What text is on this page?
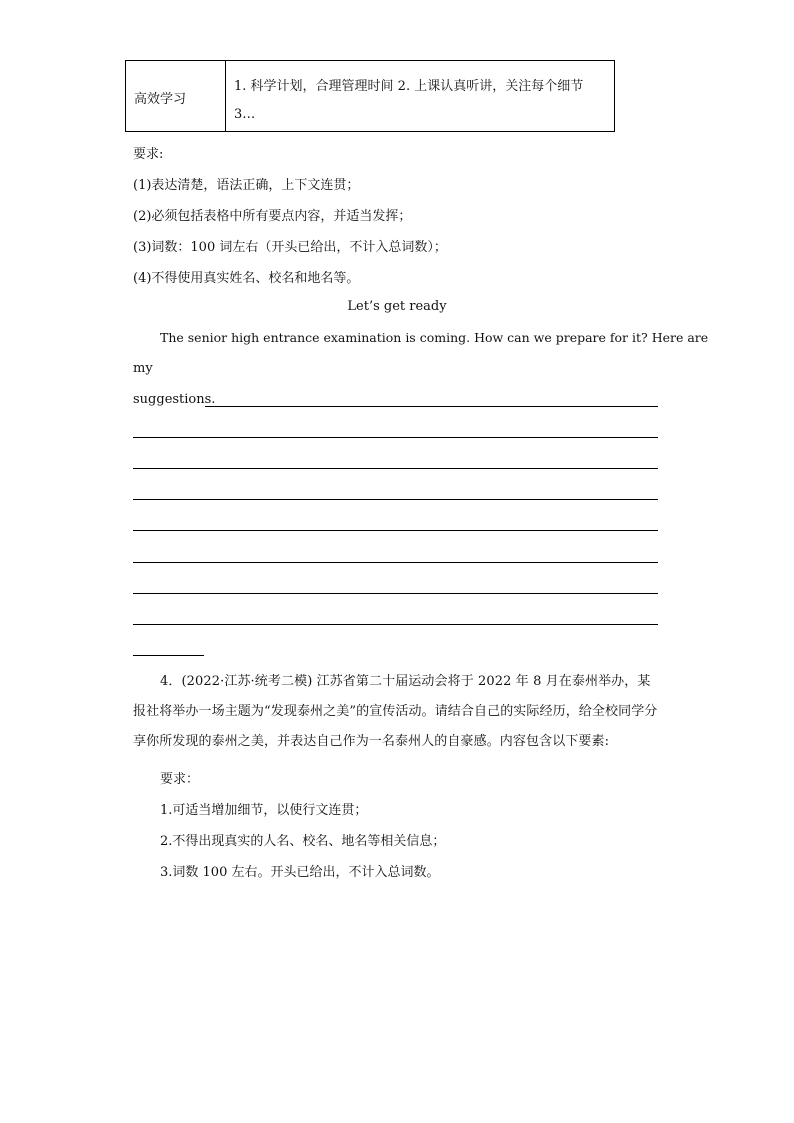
高效学习
1. 科学计划，合理管理时间 2. 上课认真听讲，关注每个细节
3…
要求:
(1)表达清楚，语法正确，上下文连贯；
(2)必须包括表格中所有要点内容，并适当发挥；
(3)词数：100 词左右（开头已给出，不计入总词数）；
(4)不得使用真实姓名、校名和地名等。
Let’s get ready
The senior high entrance examination is coming. How can we prepare for it? Here are
my
suggestions.
4．(2022·江苏·统考二模) 江苏省第二十届运动会将于 2022 年 8 月在泰州举办，某报社将举办一场主题为“发现泰州之美”的宣传活动。请结合自己的实际经历，给全校同学分享你所发现的泰州之美，并表达自己作为一名泰州人的自豪感。内容包含以下要素:
要求：
1.可适当增加细节，以使行文连贯；
2.不得出现真实的人名、校名、地名等相关信息；
3.词数 100 左右。开头已给出，不计入总词数。
